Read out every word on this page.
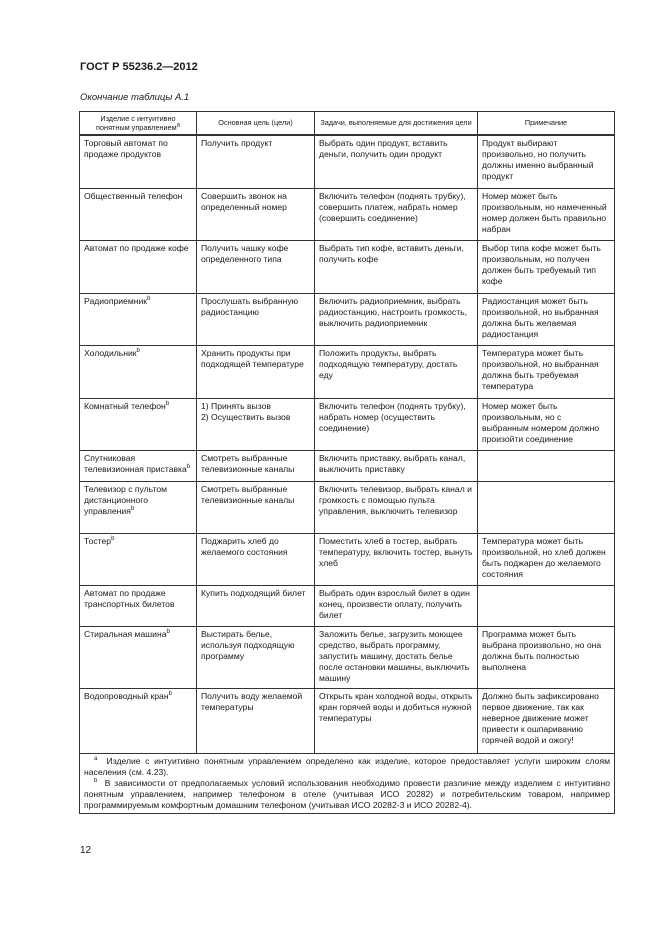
ГОСТ Р 55236.2—2012
Окончание таблицы А.1
Изделие с интуитивно понятным управлением$^a$	Основная цель (цели)	Задачи, выполняемые для достижения цели	Примечание
Торговый автомат по продаже продуктов	Получить продукт	Выбрать один продукт, вставить деньги, получить один продукт	Продукт выбирают произвольно, но получить должны именно выбранный продукт
Общественный телефон	Совершить звонок на определенный номер	Включить телефон (поднять трубку), совершить платеж, набрать номер (совершить соединение)	Номер может быть произвольным, но намеченный номер должен быть правильно набран
Автомат по продаже кофе	Получить чашку кофе определенного типа	Выбрать тип кофе, вставить деньги, получить кофе	Выбор типа кофе может быть произвольным, но получен должен быть требуемый тип кофе
Радиоприемник$^b$	Прослушать выбранную радиостанцию	Включить радиоприемник, выбрать радиостанцию, настроить громкость, выключить радиоприемник	Радиостанция может быть произвольной, но выбранная должна быть желаемая радиостанция
Холодильник$^b$	Хранить продукты при подходящей температуре	Положить продукты, выбрать подходящую температуру, достать еду	Температура может быть произвольной, но выбранная должна быть требуемая температура
Комнатный телефон$^b$	1) Принять вызов
2) Осуществить вызов	Включить телефон (поднять трубку), набрать номер (осуществить соединение)	Номер может быть произвольным, но с выбранным номером должно произойти соединение
Спутниковая телевизионная приставка$^b$	Смотреть выбранные телевизионные каналы	Включить приставку, выбрать канал, выключить приставку	
Телевизор с пультом дистанционного управления$^b$	Смотреть выбранные телевизионные каналы	Включить телевизор, выбрать канал и громкость с помощью пульта управления, выключить телевизор	
Тостер$^b$	Поджарить хлеб до желаемого состояния	Поместить хлеб в тостер, выбрать температуру, включить тостер, вынуть хлеб	Температура может быть произвольной, но хлеб должен быть поджарен до желаемого состояния
Автомат по продаже транспортных билетов	Купить подходящий билет	Выбрать один взрослый билет в один конец, произвести оплату, получить билет	
Стиральная машина$^b$	Выстирать белье, используя подходящую программу	Заложить белье, загрузить моющее средство, выбрать программу, запустить машину, достать белье после остановки машины, выключить машину	Программа может быть выбрана произвольно, но она должна быть полностью выполнена
Водопроводный кран$^b$	Получить воду желаемой температуры	Открыть кран холодной воды, открыть кран горячей воды и добиться нужной температуры	Должно быть зафиксировано первое движение, так как неверное движение может привести к ошпариванию горячей водой и ожогу!

$^a$ Изделие с интуитивно понятным управлением определено как изделие, которое предоставляет услуги широким слоям населения (см. 4.23).
$^b$ В зависимости от предполагаемых условий использования необходимо провести различие между изделием с интуитивно понятным управлением, например телефоном в отеле (учитывая ИСО 20282) и потребительским товаром, например программируемым комфортным домашним телефоном (учитывая ИСО 20282-3 и ИСО 20282-4).			
12
